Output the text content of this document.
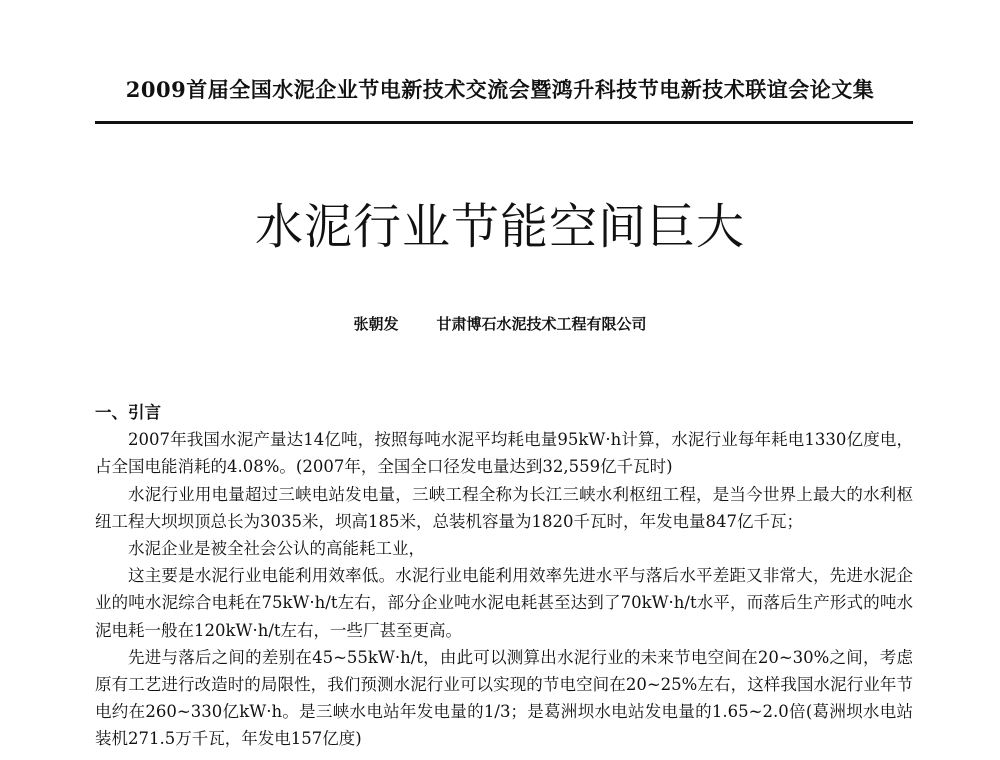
2009首届全国水泥企业节电新技术交流会暨鸿升科技节电新技术联谊会论文集
水泥行业节能空间巨大
张朝发	甘肃博石水泥技术工程有限公司

一、引言

2007年我国水泥产量达14亿吨，按照每吨水泥平均耗电量95kW·h计算，水泥行业每年耗电1330亿度电，占全国电能消耗的4.08%。(2007年，全国全口径发电量达到32,559亿千瓦时)

水泥行业用电量超过三峡电站发电量，三峡工程全称为长江三峡水利枢纽工程，是当今世界上最大的水利枢纽工程大坝坝顶总长为3035米，坝高185米，总装机容量为1820千瓦时，年发电量847亿千瓦；

水泥企业是被全社会公认的高能耗工业，

这主要是水泥行业电能利用效率低。水泥行业电能利用效率先进水平与落后水平差距又非常大，先进水泥企业的吨水泥综合电耗在75kW·h/t左右，部分企业吨水泥电耗甚至达到了70kW·h/t水平，而落后生产形式的吨水泥电耗一般在120kW·h/t左右，一些厂甚至更高。

先进与落后之间的差别在45~55kW·h/t，由此可以测算出水泥行业的未来节电空间在20~30%之间，考虑原有工艺进行改造时的局限性，我们预测水泥行业可以实现的节电空间在20~25%左右，这样我国水泥行业年节电约在260~330亿kW·h。是三峡水电站年发电量的1/3；是葛洲坝水电站发电量的1.65~2.0倍(葛洲坝水电站装机271.5万千瓦，年发电157亿度)
